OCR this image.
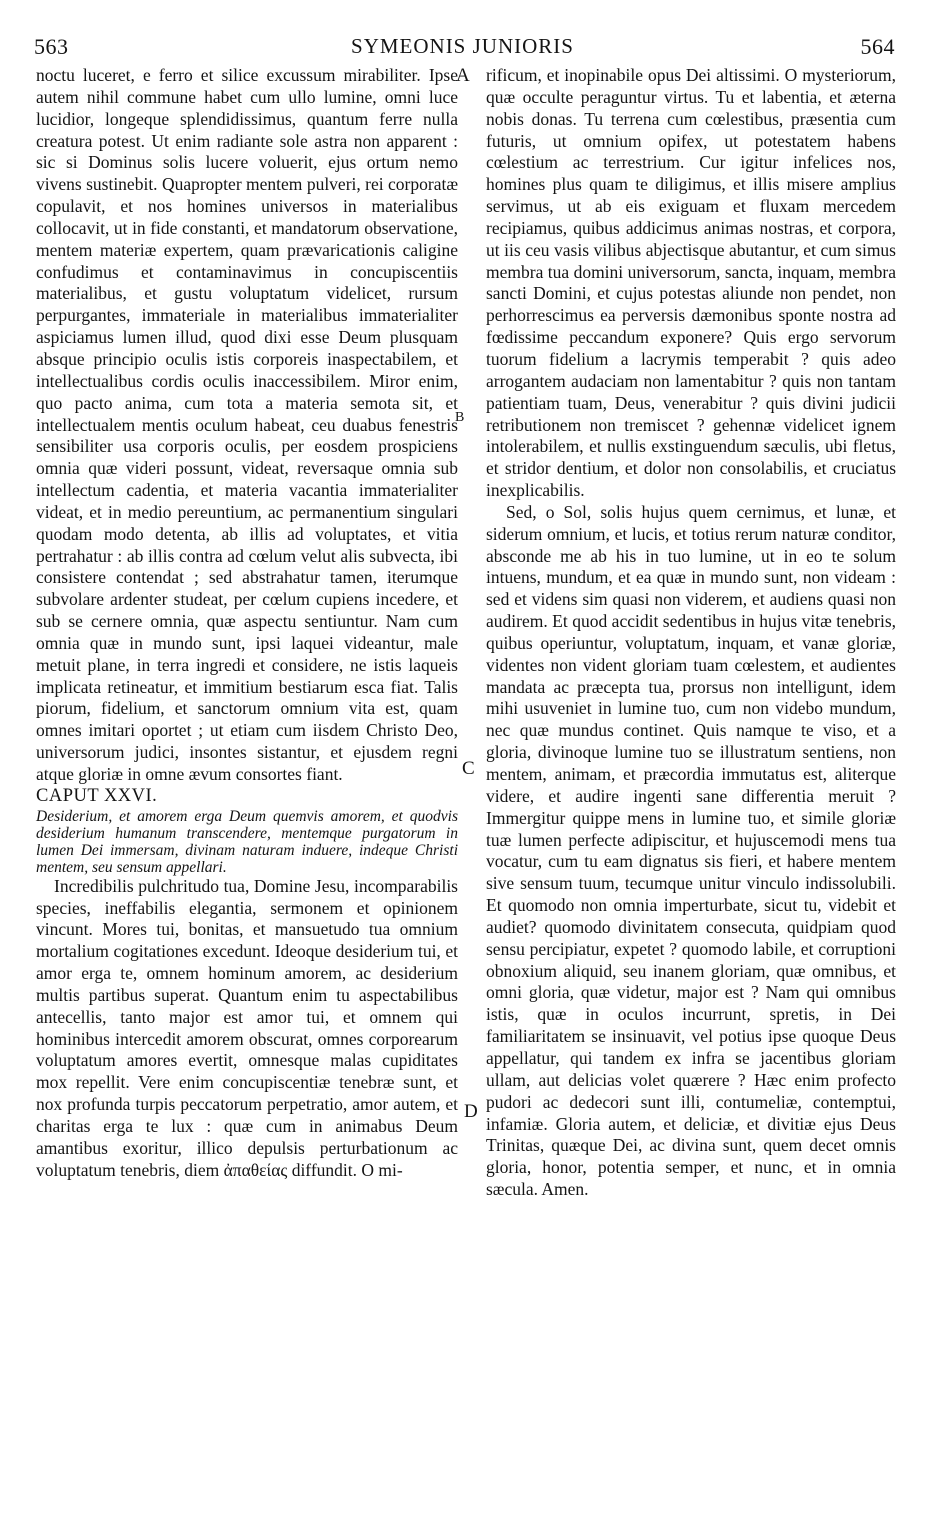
563	SYMEONIS JUNIORIS	564
A
B
C
D

noctu luceret, e ferro et silice excussum mirabiliter. Ipse autem nihil commune habet cum ullo lumine, omni luce lucidior, longeque splendidissimus, quantum ferre nulla creatura potest. Ut enim radiante sole astra non apparent : sic si Dominus solis lucere voluerit, ejus ortum nemo vivens sustinebit. Quapropter mentem pulveri, rei corporatæ copulavit, et nos homines universos in materialibus collocavit, ut in fide constanti, et mandatorum observatione, mentem materiæ expertem, quam prævaricationis caligine confudimus et contaminavimus in concupiscentiis materialibus, et gustu voluptatum videlicet, rursum perpurgantes, immateriale in materialibus immaterialiter aspiciamus lumen illud, quod dixi esse Deum plusquam absque principio oculis istis corporeis inaspectabilem, et intellectualibus cordis oculis inaccessibilem. Miror enim, quo pacto anima, cum tota a materia semota sit, et intellectualem mentis oculum habeat, ceu duabus fenestris sensibiliter usa corporis oculis, per eosdem prospiciens omnia quæ videri possunt, videat, reversaque omnia sub intellectum cadentia, et materia vacantia immaterialiter videat, et in medio pereuntium, ac permanentium singulari quodam modo detenta, ab illis ad voluptates, et vitia pertrahatur : ab illis contra ad cœlum velut alis subvecta, ibi consistere contendat ; sed abstrahatur tamen, iterumque subvolare ardenter studeat, per cœlum cupiens incedere, et sub se cernere omnia, quæ aspectu sentiuntur. Nam cum omnia quæ in mundo sunt, ipsi laquei videantur, male metuit plane, in terra ingredi et considere, ne istis laqueis implicata retineatur, et immitium bestiarum esca fiat. Talis piorum, fidelium, et sanctorum omnium vita est, quam omnes imitari oportet ; ut etiam cum iisdem Christo Deo, universorum judici, insontes sistantur, et ejusdem regni atque gloriæ in omne ævum consortes fiant.

CAPUT XXVI.

Desiderium, et amorem erga Deum quemvis amorem, et quodvis desiderium humanum transcendere, mentemque purgatorum in lumen Dei immersam, divinam naturam induere, indeque Christi mentem, seu sensum appellari.

Incredibilis pulchritudo tua, Domine Jesu, incomparabilis species, ineffabilis elegantia, sermonem et opinionem vincunt. Mores tui, bonitas, et mansuetudo tua omnium mortalium cogitationes excedunt. Ideoque desiderium tui, et amor erga te, omnem hominum amorem, ac desiderium multis partibus superat. Quantum enim tu aspectabilibus antecellis, tanto major est amor tui, et omnem qui hominibus intercedit amorem obscurat, omnes corporearum voluptatum amores evertit, omnesque malas cupiditates mox repellit. Vere enim concupiscentiæ tenebræ sunt, et nox profunda turpis peccatorum perpetratio, amor autem, et charitas erga te lux : quæ cum in animabus Deum amantibus exoritur, illico depulsis perturbationum ac voluptatum tenebris, diem ἀπαθείας diffundit. O mi-

rificum, et inopinabile opus Dei altissimi. O mysteriorum, quæ occulte peraguntur virtus. Tu et labentia, et æterna nobis donas. Tu terrena cum cœlestibus, præsentia cum futuris, ut omnium opifex, ut potestatem habens cœlestium ac terrestrium. Cur igitur infelices nos, homines plus quam te diligimus, et illis misere amplius servimus, ut ab eis exiguam et fluxam mercedem recipiamus, quibus addicimus animas nostras, et corpora, ut iis ceu vasis vilibus abjectisque abutantur, et cum simus membra tua domini universorum, sancta, inquam, membra sancti Domini, et cujus potestas aliunde non pendet, non perhorrescimus ea perversis dæmonibus sponte nostra ad fœdissime peccandum exponere? Quis ergo servorum tuorum fidelium a lacrymis temperabit ? quis adeo arrogantem audaciam non lamentabitur ? quis non tantam patientiam tuam, Deus, venerabitur ? quis divini judicii retributionem non tremiscet ? gehennæ videlicet ignem intolerabilem, et nullis exstinguendum sæculis, ubi fletus, et stridor dentium, et dolor non consolabilis, et cruciatus inexplicabilis.

Sed, o Sol, solis hujus quem cernimus, et lunæ, et siderum omnium, et lucis, et totius rerum naturæ conditor, absconde me ab his in tuo lumine, ut in eo te solum intuens, mundum, et ea quæ in mundo sunt, non videam : sed et videns sim quasi non viderem, et audiens quasi non audirem. Et quod accidit sedentibus in hujus vitæ tenebris, quibus operiuntur, voluptatum, inquam, et vanæ gloriæ, videntes non vident gloriam tuam cœlestem, et audientes mandata ac præcepta tua, prorsus non intelligunt, idem mihi usuveniet in lumine tuo, cum non videbo mundum, nec quæ mundus continet. Quis namque te viso, et a gloria, divinoque lumine tuo se illustratum sentiens, non mentem, animam, et præcordia immutatus est, aliterque videre, et audire ingenti sane differentia meruit ? Immergitur quippe mens in lumine tuo, et simile gloriæ tuæ lumen perfecte adipiscitur, et hujuscemodi mens tua vocatur, cum tu eam dignatus sis fieri, et habere mentem sive sensum tuum, tecumque unitur vinculo indissolubili. Et quomodo non omnia imperturbate, sicut tu, videbit et audiet? quomodo divinitatem consecuta, quidpiam quod sensu percipiatur, expetet ? quomodo labile, et corruptioni obnoxium aliquid, seu inanem gloriam, quæ omnibus, et omni gloria, quæ videtur, major est ? Nam qui omnibus istis, quæ in oculos incurrunt, spretis, in Dei familiaritatem se insinuavit, vel potius ipse quoque Deus appellatur, qui tandem ex infra se jacentibus gloriam ullam, aut delicias volet quærere ? Hæc enim profecto pudori ac dedecori sunt illi, contumeliæ, contemptui, infamiæ. Gloria autem, et deliciæ, et divitiæ ejus Deus Trinitas, quæque Dei, ac divina sunt, quem decet omnis gloria, honor, potentia semper, et nunc, et in omnia sæcula. Amen.
